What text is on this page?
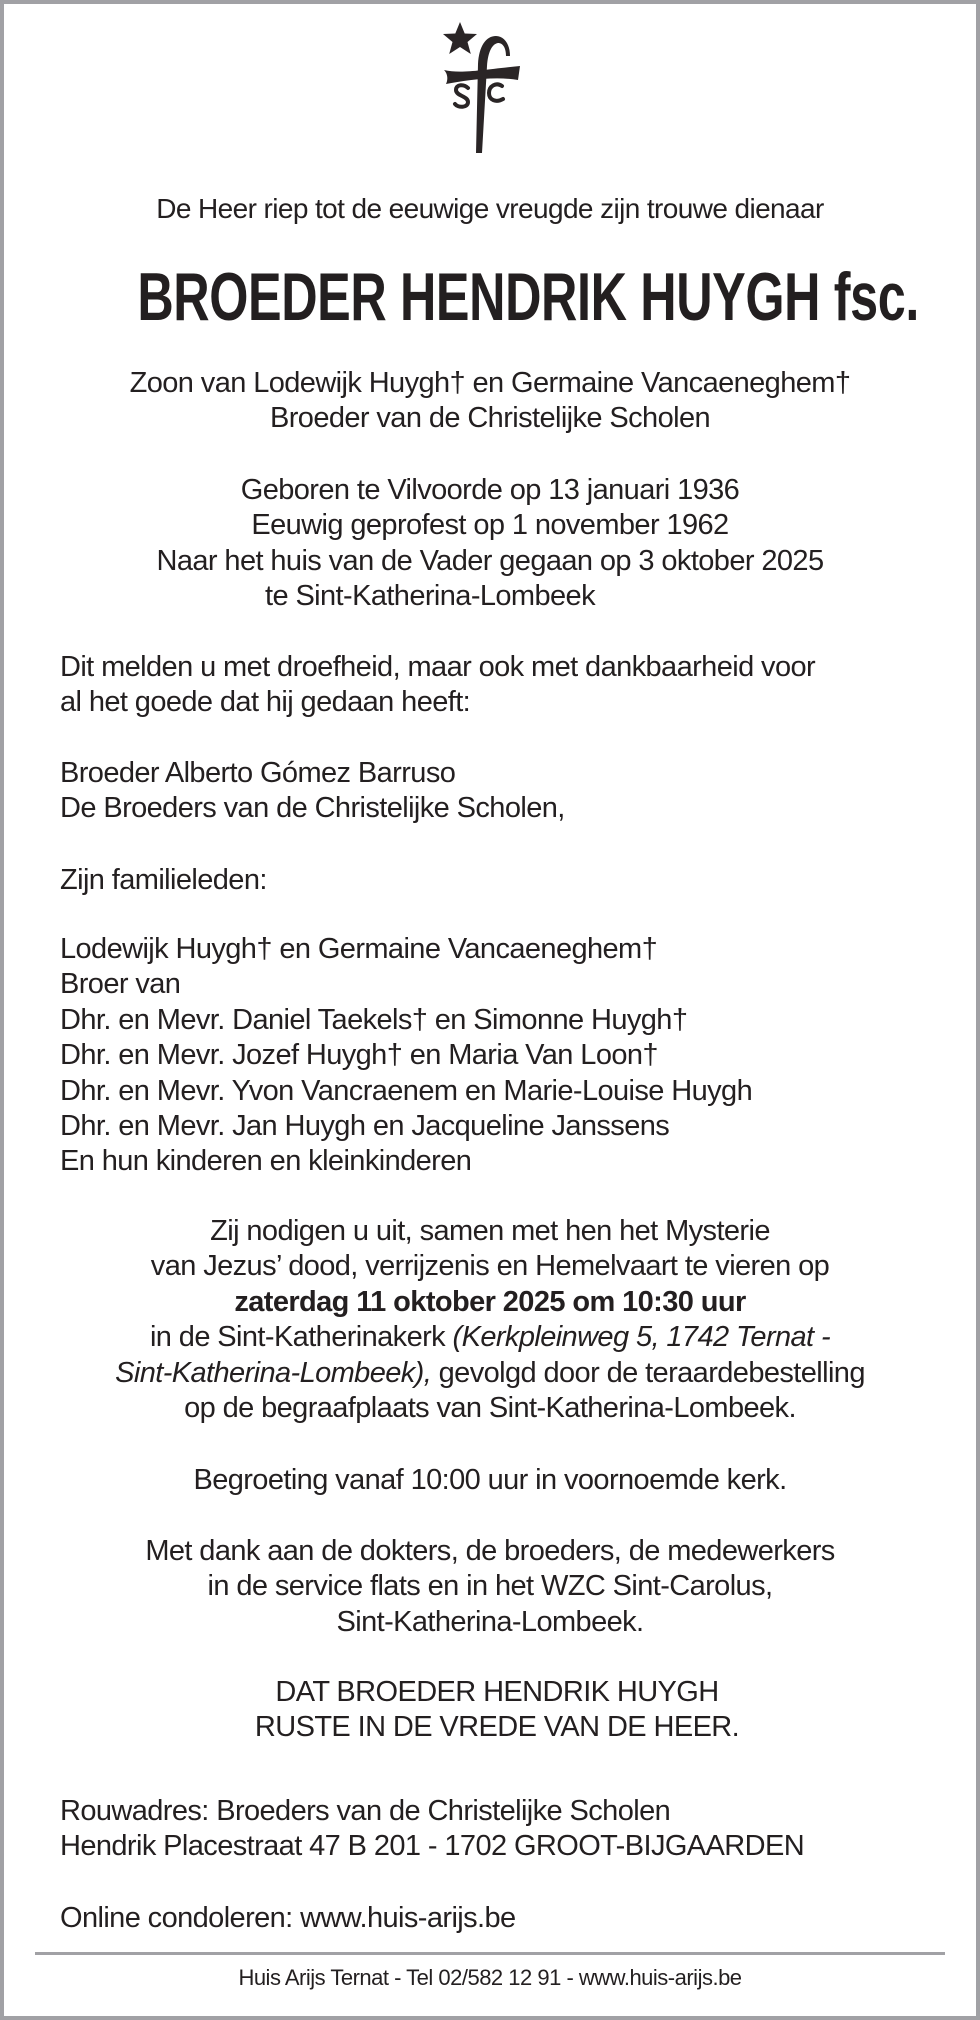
De Heer riep tot de eeuwige vreugde zijn trouwe dienaar
BROEDER HENDRIK HUYGH fsc.
Zoon van Lodewijk Huygh† en Germaine Vancaeneghem†
Broeder van de Christelijke Scholen
Geboren te Vilvoorde op 13 januari 1936
Eeuwig geprofest op 1 november 1962
Naar het huis van de Vader gegaan op 3 oktober 2025
te Sint-Katherina-Lombeek
Dit melden u met droefheid, maar ook met dankbaarheid voor
al het goede dat hij gedaan heeft:
Broeder Alberto Gómez Barruso
De Broeders van de Christelijke Scholen,
Zijn familieleden:
Lodewijk Huygh† en Germaine Vancaeneghem†
Broer van
Dhr. en Mevr. Daniel Taekels† en Simonne Huygh†
Dhr. en Mevr. Jozef Huygh† en Maria Van Loon†
Dhr. en Mevr. Yvon Vancraenem en Marie-Louise Huygh
Dhr. en Mevr. Jan Huygh en Jacqueline Janssens
En hun kinderen en kleinkinderen
Zij nodigen u uit, samen met hen het Mysterie
van Jezus’ dood, verrijzenis en Hemelvaart te vieren op
zaterdag 11 oktober 2025 om 10:30 uur
in de Sint-Katherinakerk (Kerkpleinweg 5, 1742 Ternat -
Sint-Katherina-Lombeek), gevolgd door de teraardebestelling
op de begraafplaats van Sint-Katherina-Lombeek.
Begroeting vanaf 10:00 uur in voornoemde kerk.
Met dank aan de dokters, de broeders, de medewerkers
in de service flats en in het WZC Sint-Carolus,
Sint-Katherina-Lombeek.
DAT BROEDER HENDRIK HUYGH
RUSTE IN DE VREDE VAN DE HEER.
Rouwadres: Broeders van de Christelijke Scholen
Hendrik Placestraat 47 B 201 - 1702 GROOT-BIJGAARDEN
Online condoleren: www.huis-arijs.be
Huis Arijs Ternat - Tel 02/582 12 91 - www.huis-arijs.be
